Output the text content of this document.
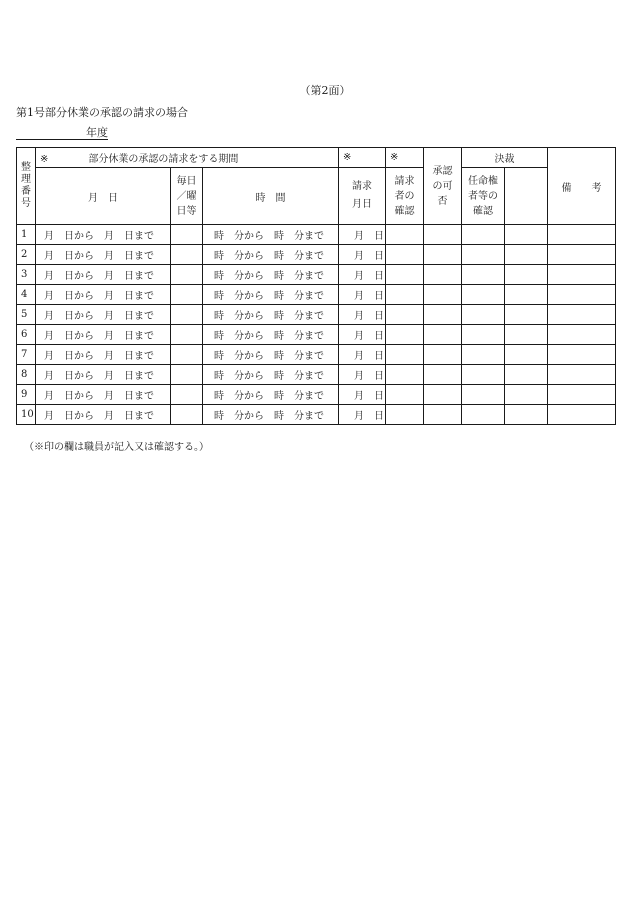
（第2面）
第1号部分休業の承認の請求の場合
年度
整理番号	※ 部分休業の承認の請求をする期間			※	※	承認の可否	決裁		備　　考
	月　日	毎日／曜日等	時　間	請求月日	請求者の確認		任命権者等の確認		

1	月　日から　月　日まで		時　分から　時　分まで	月　日					
2	月　日から　月　日まで		時　分から　時　分まで	月　日					
3	月　日から　月　日まで		時　分から　時　分まで	月　日					
4	月　日から　月　日まで		時　分から　時　分まで	月　日					
5	月　日から　月　日まで		時　分から　時　分まで	月　日					
6	月　日から　月　日まで		時　分から　時　分まで	月　日					
7	月　日から　月　日まで		時　分から　時　分まで	月　日					
8	月　日から　月　日まで		時　分から　時　分まで	月　日					
9	月　日から　月　日まで		時　分から　時　分まで	月　日					
10	月　日から　月　日まで		時　分から　時　分まで	月　日					
（※印の欄は職員が記入又は確認する。）
